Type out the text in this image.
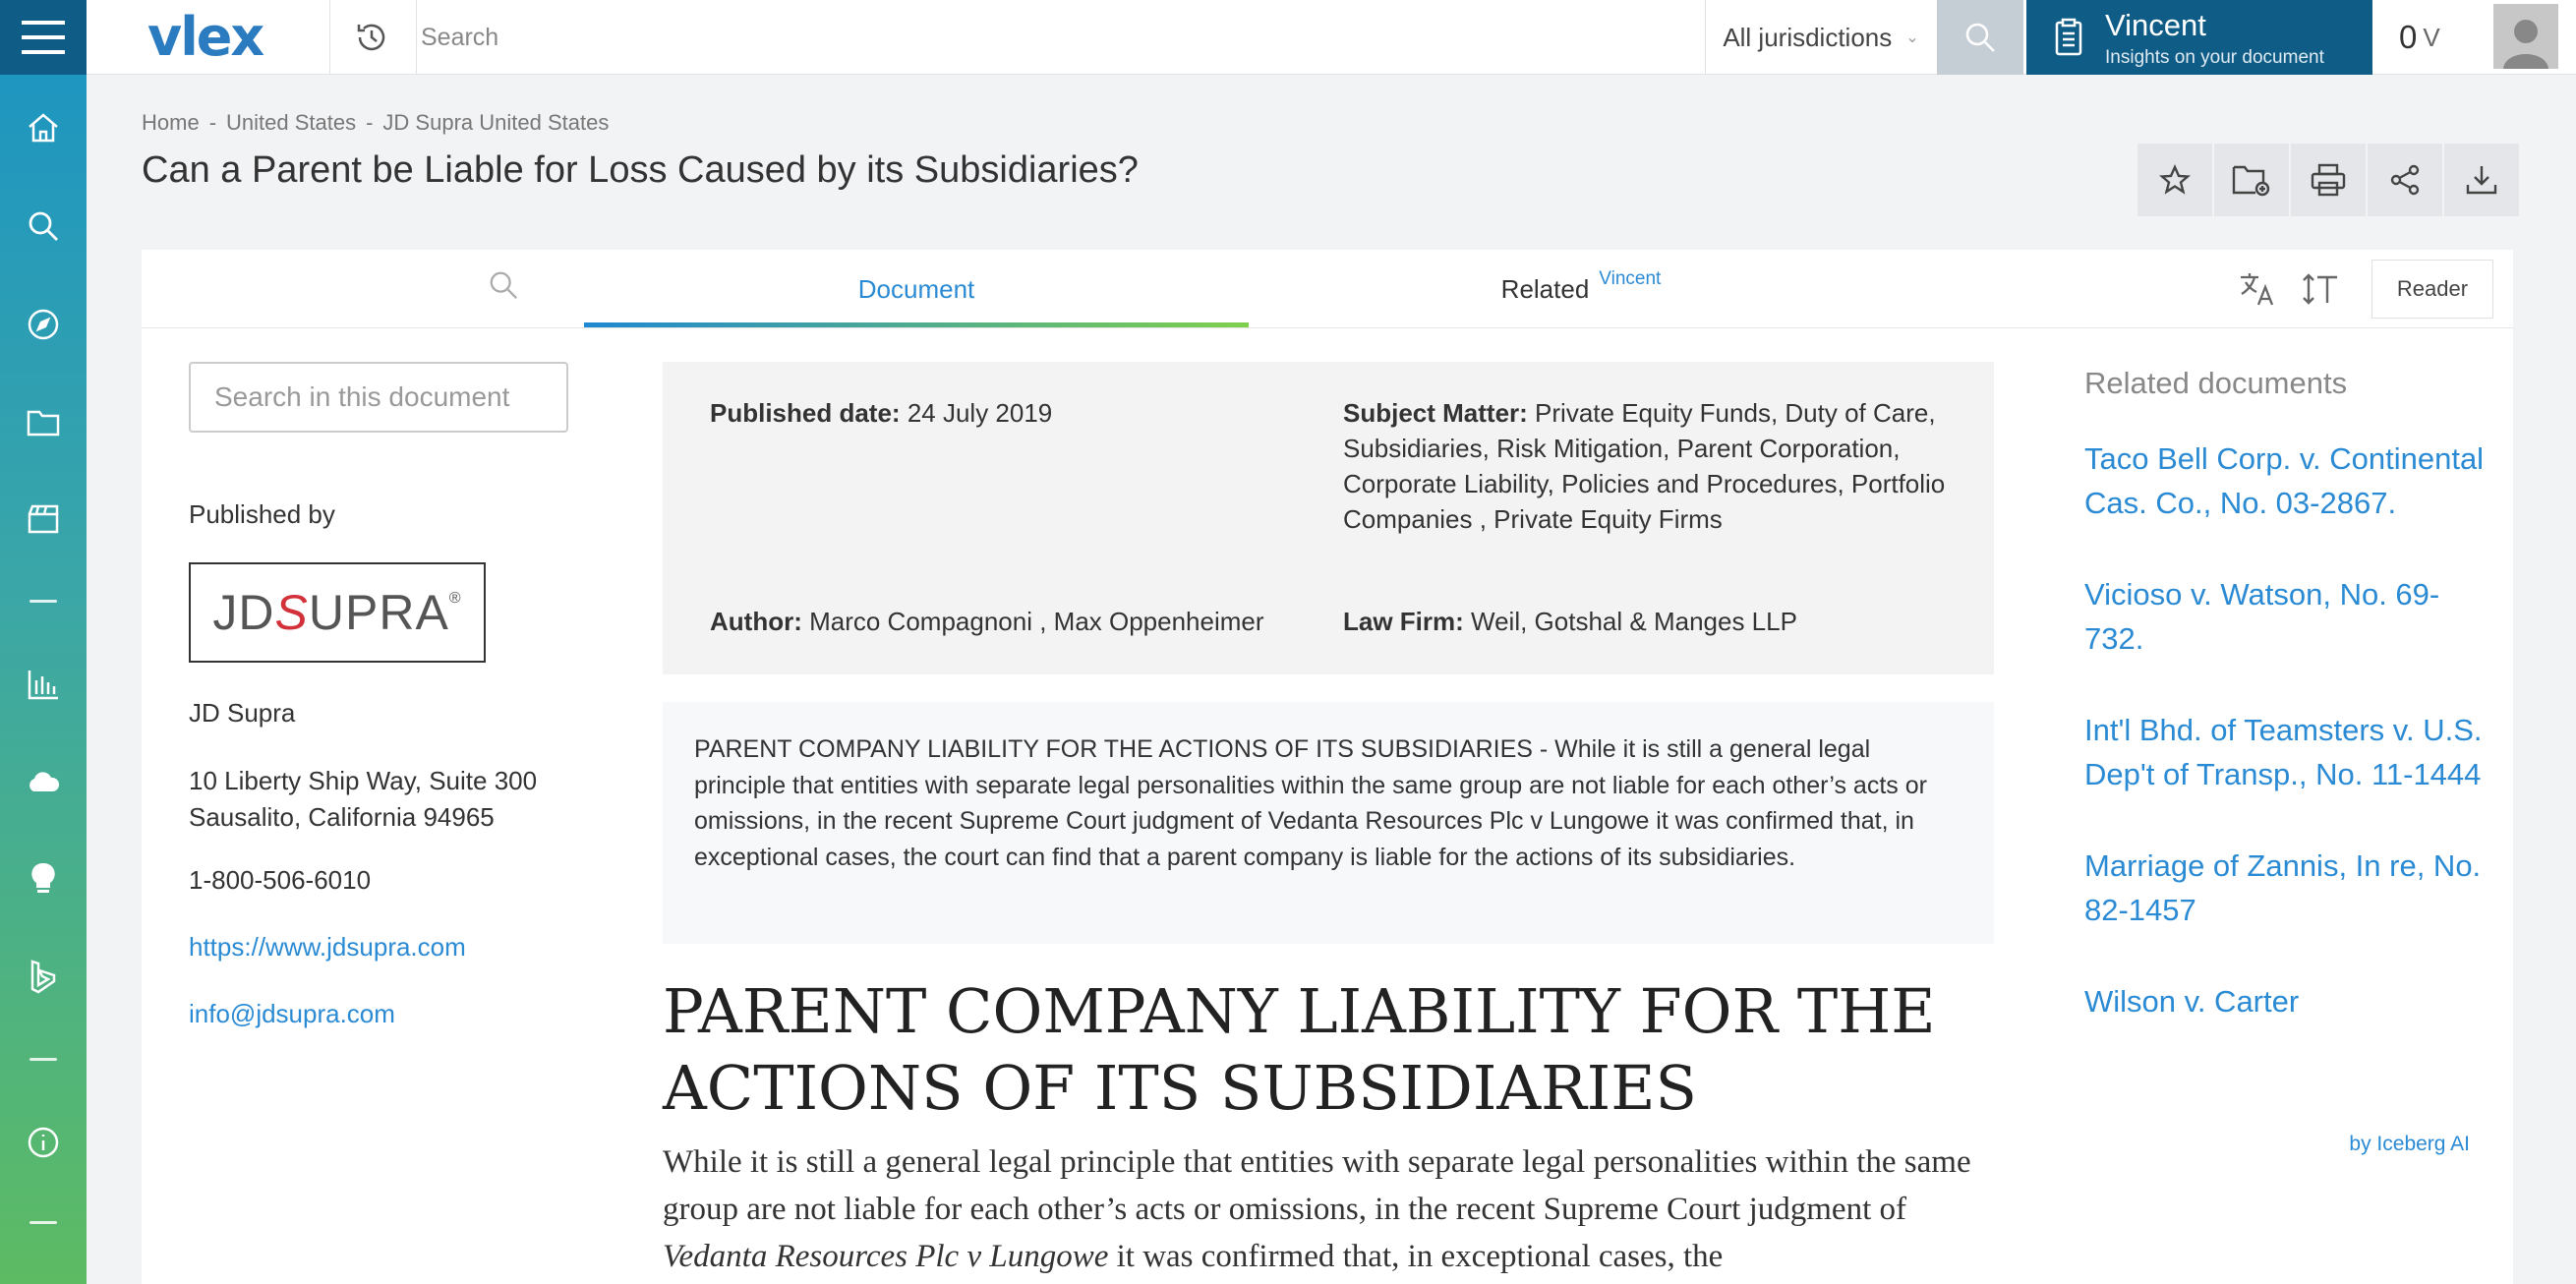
vlex
Search	All jurisdictions ⌄	Vincent
Insights on your document
0 V
Home - United States - JD Supra United States
Can a Parent be Liable for Loss Caused by its Subsidiaries?
Document	Related $^{Vincent}$	Reader
Search in this document
Published by
JD S UPRA ®
JD Supra
10 Liberty Ship Way, Suite 300
Sausalito, California 94965
1-800-506-6010
https://www.jdsupra.com
info@jdsupra.com
Published date: 24 July 2019	Subject Matter: Private Equity Funds, Duty of Care, Subsidiaries, Risk Mitigation, Parent Corporation, Corporate Liability, Policies and Procedures, Portfolio Companies , Private Equity Firms
Author: Marco Compagnoni , Max Oppenheimer	Law Firm: Weil, Gotshal & Manges LLP
PARENT COMPANY LIABILITY FOR THE ACTIONS OF ITS SUBSIDIARIES - While it is still a general legal principle that entities with separate legal personalities within the same group are not liable for each other’s acts or omissions, in the recent Supreme Court judgment of Vedanta Resources Plc v Lungowe it was confirmed that, in exceptional cases, the court can find that a parent company is liable for the actions of its subsidiaries.
PARENT COMPANY LIABILITY FOR THE ACTIONS OF ITS SUBSIDIARIES

While it is still a general legal principle that entities with separate legal personalities within the same group are not liable for each other’s acts or omissions, in the recent Supreme Court judgment of Vedanta Resources Plc v Lungowe it was confirmed that, in exceptional cases, the

Related documents
Taco Bell Corp. v. Continental Cas. Co., No. 03-2867.
Vicioso v. Watson, No. 69-732.
Int'l Bhd. of Teamsters v. U.S. Dep't of Transp., No. 11-1444
Marriage of Zannis, In re, No. 82-1457
Wilson v. Carter
by Iceberg AI
